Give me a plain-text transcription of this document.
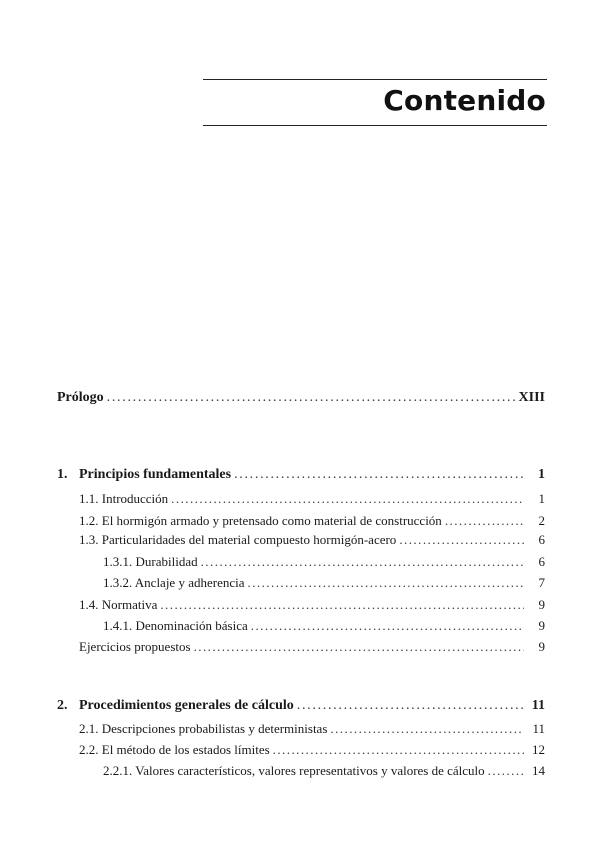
Contenido
Prólogo . . .	XIII
1. Principios fundamentales . . .	1
1.1. Introducción . . .	1
1.2. El hormigón armado y pretensado como material de construcción . . .	2
1.3. Particularidades del material compuesto hormigón-acero . . .	6
1.3.1. Durabilidad . . .	6
1.3.2. Anclaje y adherencia . . .	7
1.4. Normativa . . .	9
1.4.1. Denominación básica . . .	9
Ejercicios propuestos . . .	9
2. Procedimientos generales de cálculo . . .	11
2.1. Descripciones probabilistas y deterministas . . .	11
2.2. El método de los estados límites . . .	12
2.2.1. Valores característicos, valores representativos y valores de cálculo . . .	14
